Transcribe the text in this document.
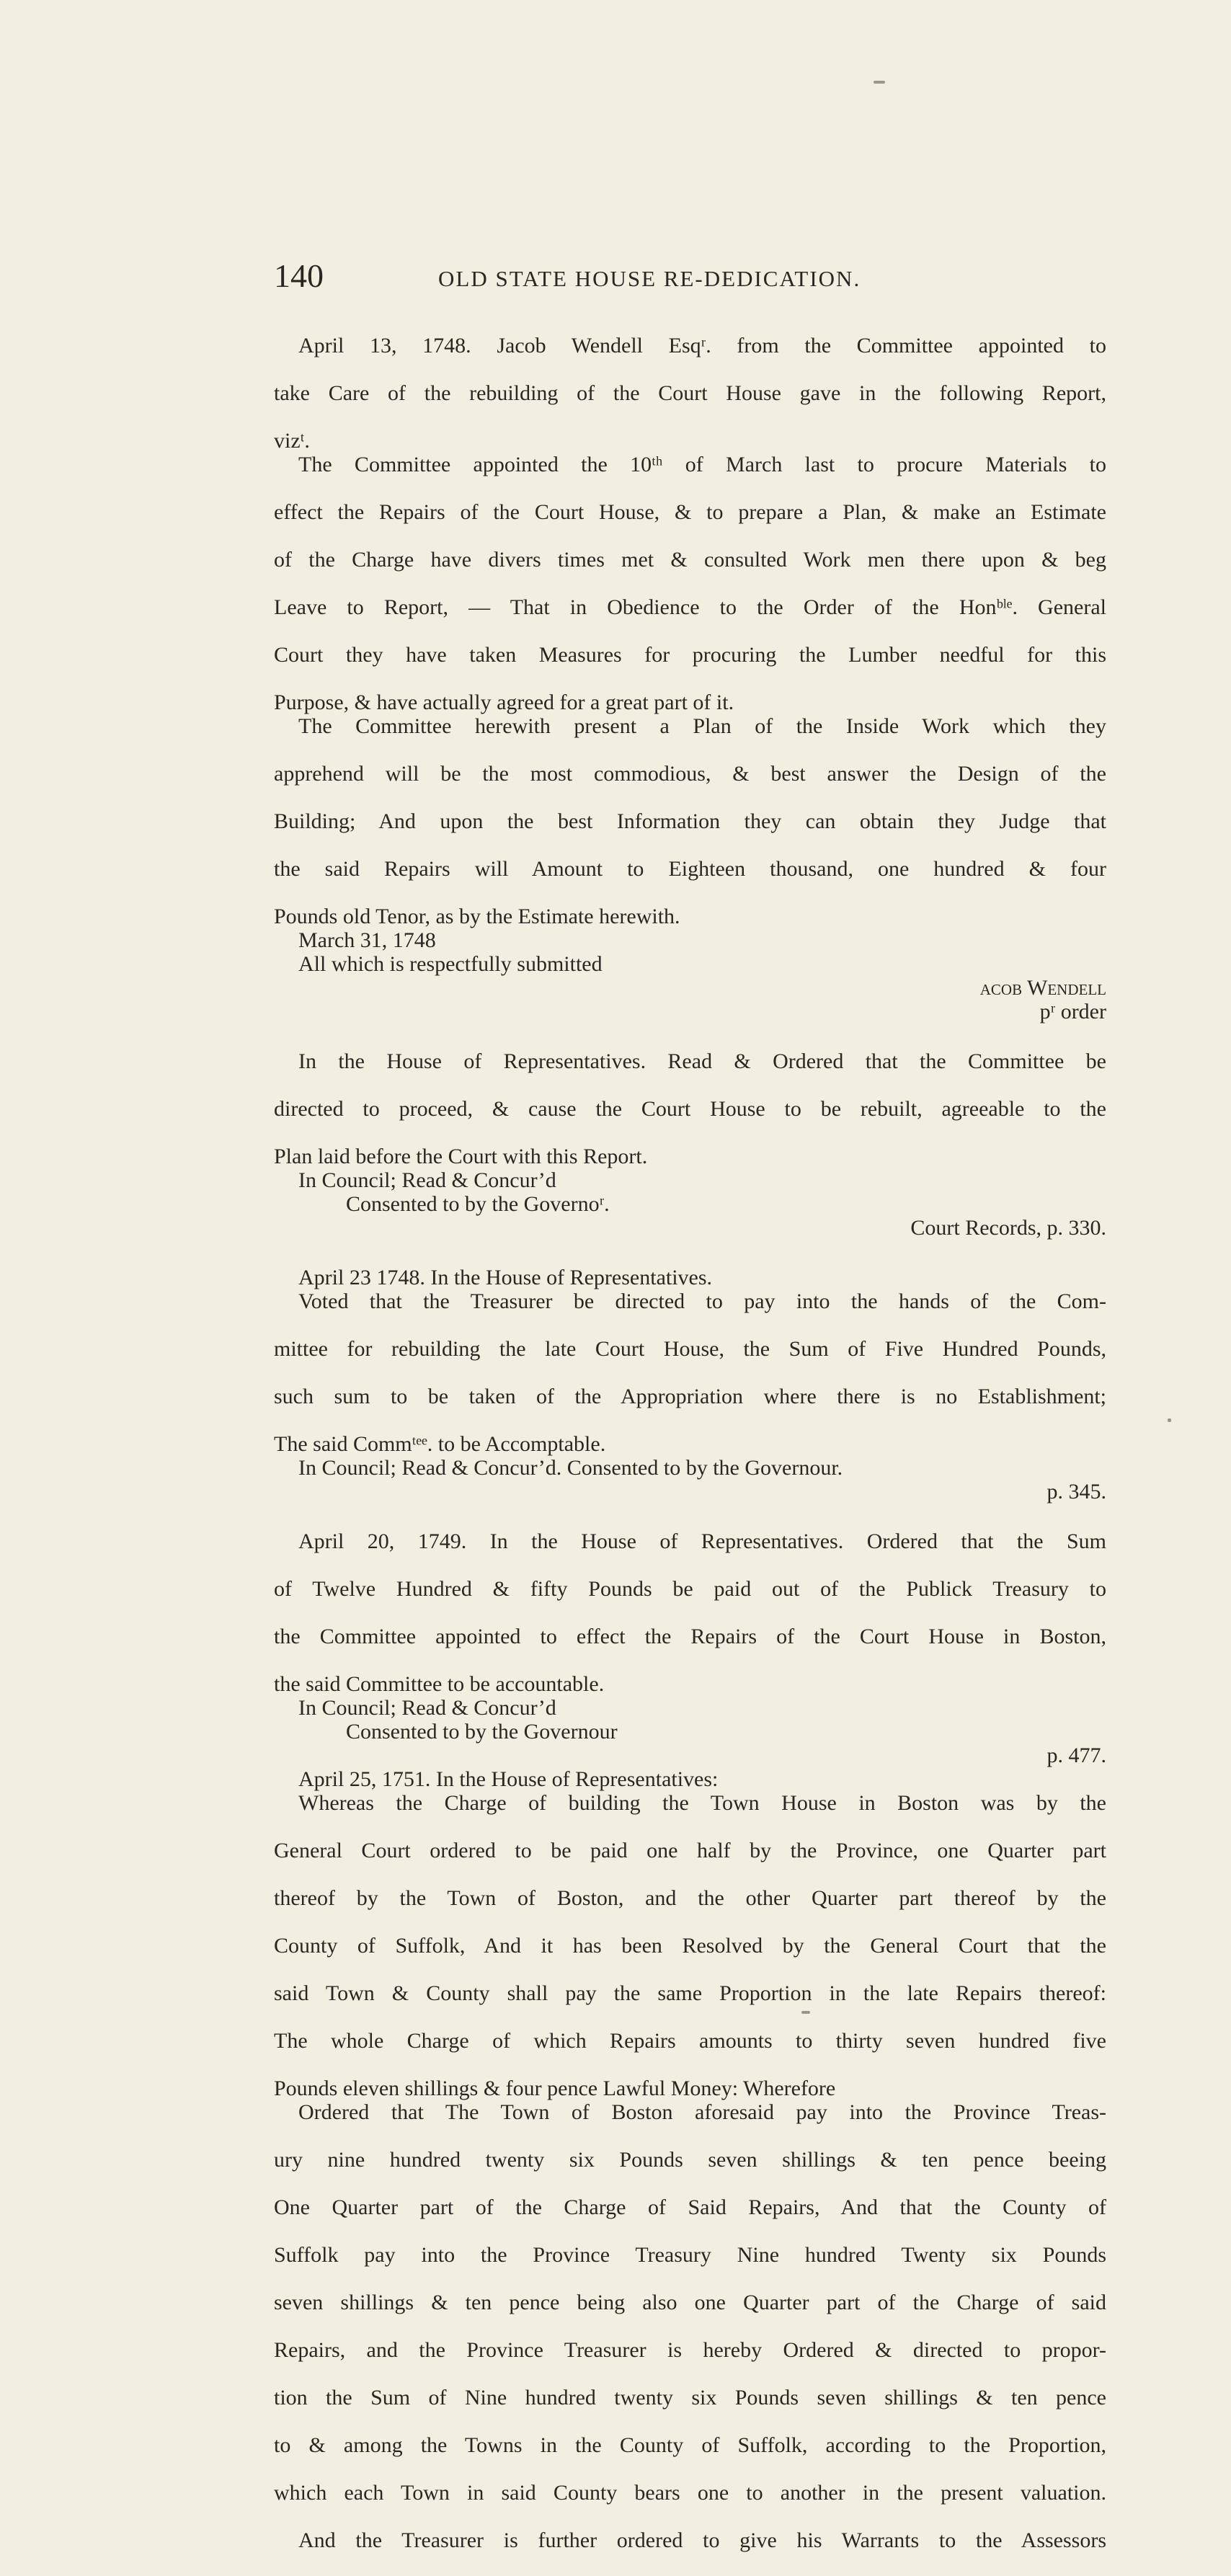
140	OLD STATE HOUSE RE-DEDICATION.

April 13, 1748. Jacob Wendell Esqʳ. from the Committee appointed to

take Care of the rebuilding of the Court House gave in the following Report,

vizᵗ.

The Committee appointed the 10ᵗʰ of March last to procure Materials to

effect the Repairs of the Court House, & to prepare a Plan, & make an Estimate

of the Charge have divers times met & consulted Work men there upon & beg

Leave to Report, — That in Obedience to the Order of the Honᵇˡᵉ. General

Court they have taken Measures for procuring the Lumber needful for this

Purpose, & have actually agreed for a great part of it.

The Committee herewith present a Plan of the Inside Work which they

apprehend will be the most commodious, & best answer the Design of the

Building; And upon the best Information they can obtain they Judge that

the said Repairs will Amount to Eighteen thousand, one hundred & four

Pounds old Tenor, as by the Estimate herewith.

March 31, 1748

All which is respectfully submitted

acob Wendell

pʳ order

In the House of Representatives. Read & Ordered that the Committee be

directed to proceed, & cause the Court House to be rebuilt, agreeable to the

Plan laid before the Court with this Report.

In Council; Read & Concur’d

Consented to by the Governoʳ.

Court Records, p. 330.

April 23 1748. In the House of Representatives.

Voted that the Treasurer be directed to pay into the hands of the Com-

mittee for rebuilding the late Court House, the Sum of Five Hundred Pounds,

such sum to be taken of the Appropriation where there is no Establishment;

The said Commᵗᵉᵉ. to be Accomptable.

In Council; Read & Concur’d. Consented to by the Governour.

p. 345.

April 20, 1749. In the House of Representatives. Ordered that the Sum

of Twelve Hundred & fifty Pounds be paid out of the Publick Treasury to

the Committee appointed to effect the Repairs of the Court House in Boston,

the said Committee to be accountable.

In Council; Read & Concur’d

Consented to by the Governour

p. 477.

April 25, 1751. In the House of Representatives:

Whereas the Charge of building the Town House in Boston was by the

General Court ordered to be paid one half by the Province, one Quarter part

thereof by the Town of Boston, and the other Quarter part thereof by the

County of Suffolk, And it has been Resolved by the General Court that the

said Town & County shall pay the same Proportion in the late Repairs thereof:

The whole Charge of which Repairs amounts to thirty seven hundred five

Pounds eleven shillings & four pence Lawful Money: Wherefore

Ordered that The Town of Boston aforesaid pay into the Province Treas-

ury nine hundred twenty six Pounds seven shillings & ten pence beeing

One Quarter part of the Charge of Said Repairs, And that the County of

Suffolk pay into the Province Treasury Nine hundred Twenty six Pounds

seven shillings & ten pence being also one Quarter part of the Charge of said

Repairs, and the Province Treasurer is hereby Ordered & directed to propor-

tion the Sum of Nine hundred twenty six Pounds seven shillings & ten pence

to & among the Towns in the County of Suffolk, according to the Proportion,

which each Town in said County bears one to another in the present valuation.

And the Treasurer is further ordered to give his Warrants to the Assessors
